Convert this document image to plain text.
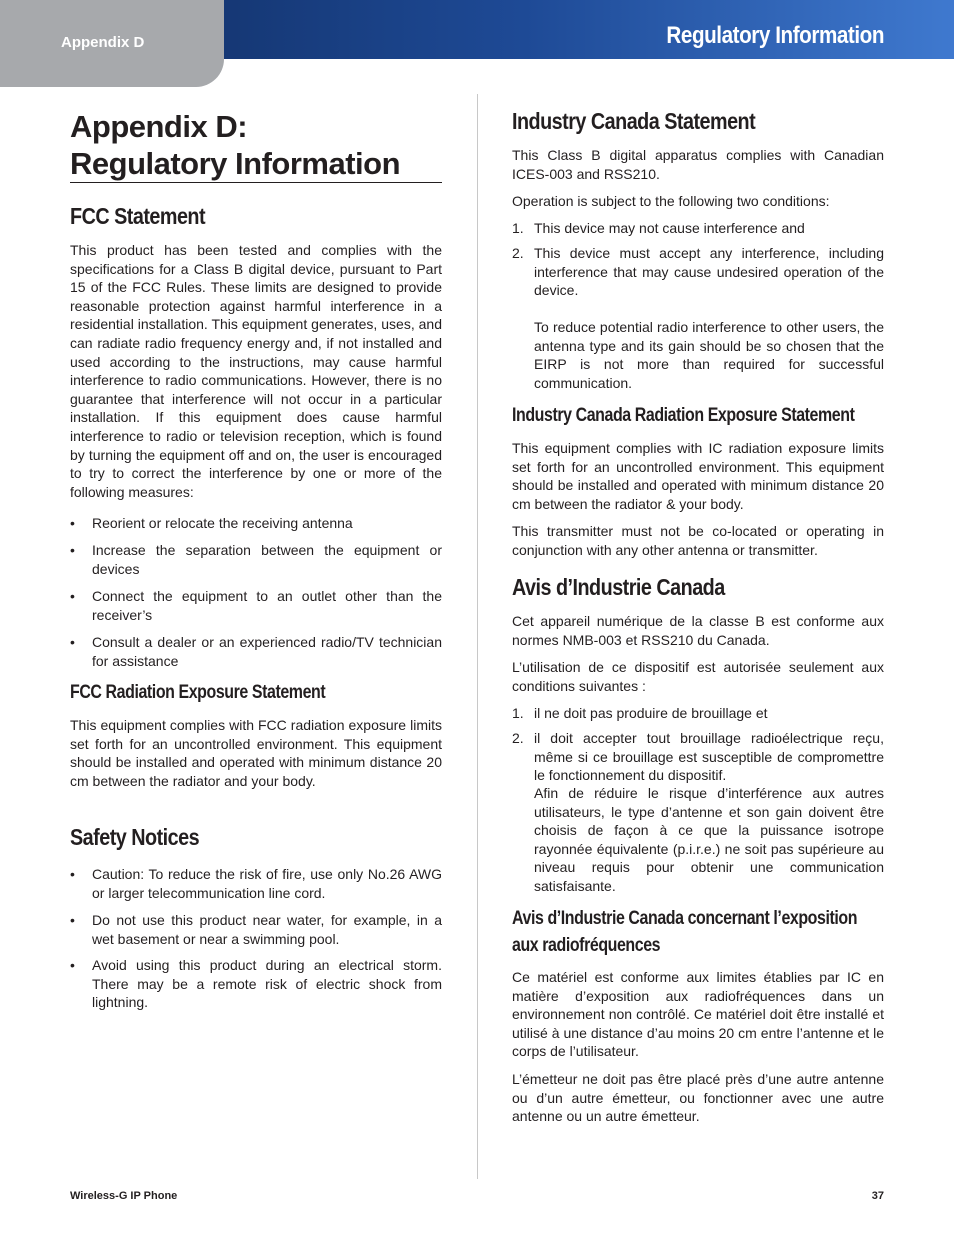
Appendix D	Regulatory Information
Appendix D:
Regulatory Information
FCC Statement

This product has been tested and complies with the specifications for a Class B digital device, pursuant to Part 15 of the FCC Rules. These limits are designed to provide reasonable protection against harmful interference in a residential installation. This equipment generates, uses, and can radiate radio frequency energy and, if not installed and used according to the instructions, may cause harmful interference to radio communications. However, there is no guarantee that interference will not occur in a particular installation. If this equipment does cause harmful interference to radio or television reception, which is found by turning the equipment off and on, the user is encouraged to try to correct the interference by one or more of the following measures:

• Reorient or relocate the receiving antenna
• Increase the separation between the equipment or devices
• Connect the equipment to an outlet other than the receiver’s
• Consult a dealer or an experienced radio/TV technician for assistance
FCC Radiation Exposure Statement

This equipment complies with FCC radiation exposure limits set forth for an uncontrolled environment. This equipment should be installed and operated with minimum distance 20 cm between the radiator and your body.

Safety Notices
• Caution: To reduce the risk of fire, use only No.26 AWG or larger telecommunication line cord.
• Do not use this product near water, for example, in a wet basement or near a swimming pool.
• Avoid using this product during an electrical storm. There may be a remote risk of electric shock from lightning.
Industry Canada Statement

This Class B digital apparatus complies with Canadian ICES-003 and RSS210.

Operation is subject to the following two conditions:

1. This device may not cause interference and
2. This device must accept any interference, including interference that may cause undesired operation of the device.

To reduce potential radio interference to other users, the antenna type and its gain should be so chosen that the EIRP is not more than required for successful communication.

Industry Canada Radiation Exposure Statement

This equipment complies with IC radiation exposure limits set forth for an uncontrolled environment. This equipment should be installed and operated with minimum distance 20 cm between the radiator & your body.

This transmitter must not be co-located or operating in conjunction with any other antenna or transmitter.

Avis d’Industrie Canada

Cet appareil numérique de la classe B est conforme aux normes NMB-003 et RSS210 du Canada.

L’utilisation de ce dispositif est autorisée seulement aux conditions suivantes :

1. il ne doit pas produire de brouillage et
2. il doit accepter tout brouillage radioélectrique reçu, même si ce brouillage est susceptible de compromettre le fonctionnement du dispositif.

Afin de réduire le risque d’interférence aux autres utilisateurs, le type d’antenne et son gain doivent être choisis de façon à ce que la puissance isotrope rayonnée équivalente (p.i.r.e.) ne soit pas supérieure au niveau requis pour obtenir une communication satisfaisante.

Avis d’Industrie Canada concernant l’exposition
aux radiofréquences

Ce matériel est conforme aux limites établies par IC en matière d’exposition aux radiofréquences dans un environnement non contrôlé. Ce matériel doit être installé et utilisé à une distance d’au moins 20 cm entre l’antenne et le corps de l’utilisateur.

L’émetteur ne doit pas être placé près d’une autre antenne ou d’un autre émetteur, ou fonctionner avec une autre antenne ou un autre émetteur.

Wireless-G IP Phone	37
